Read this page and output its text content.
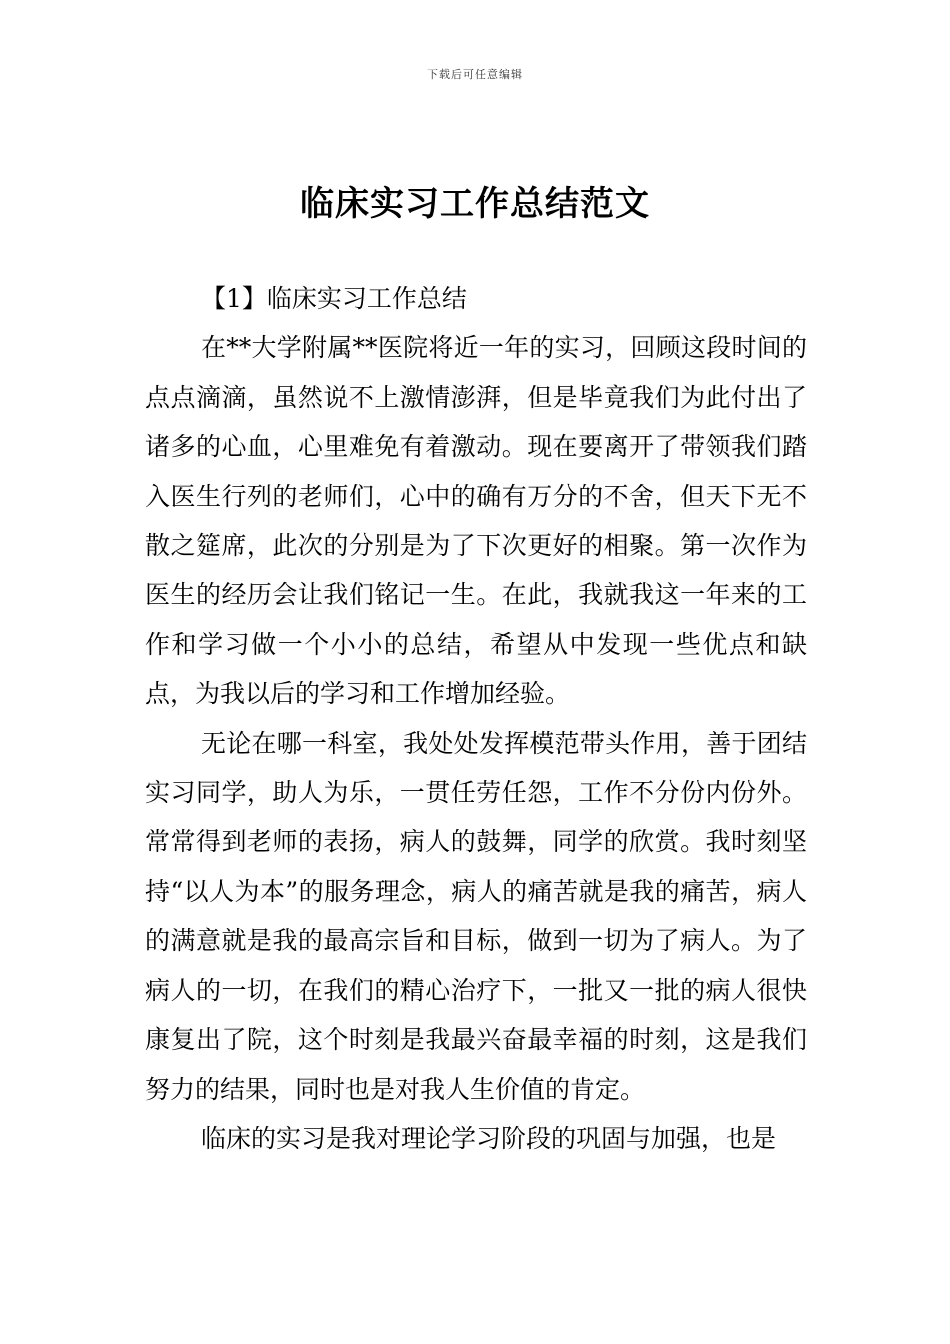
下载后可任意编辑
临床实习工作总结范文
【1】临床实习工作总结

在**大学附属**医院将近一年的实习，回顾这段时间的点点滴滴，虽然说不上激情澎湃，但是毕竟我们为此付出了诸多的心血，心里难免有着激动。现在要离开了带领我们踏入医生行列的老师们，心中的确有万分的不舍，但天下无不散之筵席，此次的分别是为了下次更好的相聚。第一次作为医生的经历会让我们铭记一生。在此，我就我这一年来的工作和学习做一个小小的总结，希望从中发现一些优点和缺点，为我以后的学习和工作增加经验。

无论在哪一科室，我处处发挥模范带头作用，善于团结实习同学，助人为乐，一贯任劳任怨，工作不分份内份外。常常得到老师的表扬，病人的鼓舞，同学的欣赏。我时刻坚持“以人为本”的服务理念，病人的痛苦就是我的痛苦，病人的满意就是我的最高宗旨和目标，做到一切为了病人。为了病人的一切，在我们的精心治疗下，一批又一批的病人很快康复出了院，这个时刻是我最兴奋最幸福的时刻，这是我们努力的结果，同时也是对我人生价值的肯定。

临床的实习是我对理论学习阶段的巩固与加强，也是
